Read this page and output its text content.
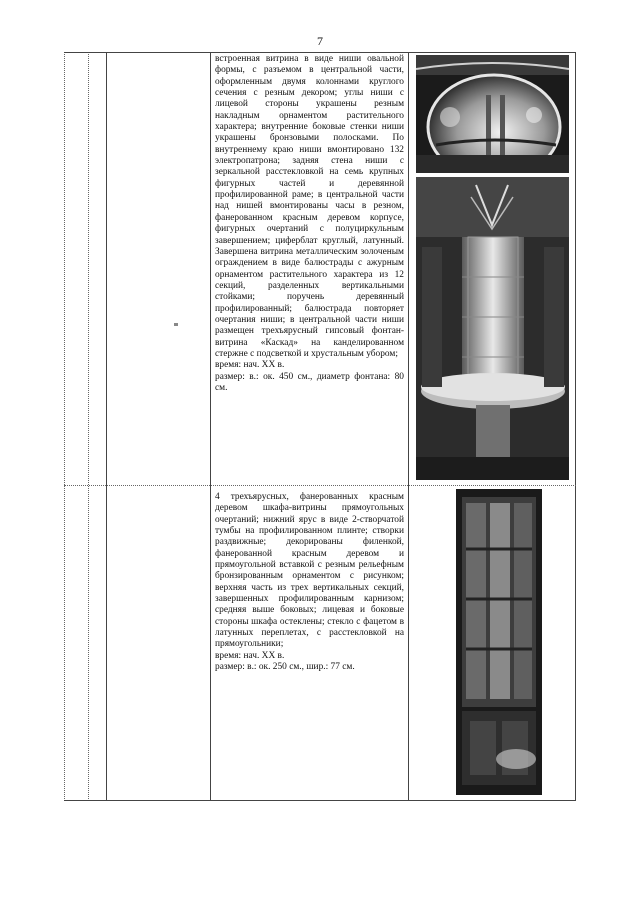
7

встроенная витрина в виде ниши овальной формы, с разъемом в центральной части, оформленным двумя колоннами круглого сечения с резным декором; углы ниши с лицевой стороны украшены резным накладным орнаментом растительного характера; внутренние боковые стенки ниши украшены бронзовыми полосками. По внутреннему краю ниши вмонтировано 132 электропатрона; задняя стена ниши с зеркальной расстекловкой на семь крупных фигурных частей и деревянной профилированной раме; в центральной части над нишей вмонтированы часы в резном, фанерованном красным деревом корпусе, фигурных очертаний с полуциркульным завершением; циферблат круглый, латунный. Завершена витрина металлическим золоченым ограждением в виде балюстрады с ажурным орнаментом растительного характера из 12 секций, разделенных вертикальными стойками; поручень деревянный профилированный; балюстрада повторяет очертания ниши; в центральной части ниши размещен трехъярусный гипсовый фонтан-витрина «Каскад» на канделированном стержне с подсветкой и хрустальным убором;

время: нач. XX в.

размер: в.: ок. 450 см., диаметр фонтана: 80 см.

4 трехъярусных, фанерованных красным деревом шкафа-витрины прямоугольных очертаний; нижний ярус в виде 2-створчатой тумбы на профилированном плинте; створки раздвижные; декорированы филенкой, фанерованной красным деревом и прямоугольной вставкой с резным рельефным бронзированным орнаментом с рисунком; верхняя часть из трех вертикальных секций, завершенных профилированным карнизом; средняя выше боковых; лицевая и боковые стороны шкафа остеклены; стекло с фацетом в латунных переплетах, с расстекловкой на прямоугольники;

время: нач. XX в.

размер: в.: ок. 250 см., шир.: 77 см.
